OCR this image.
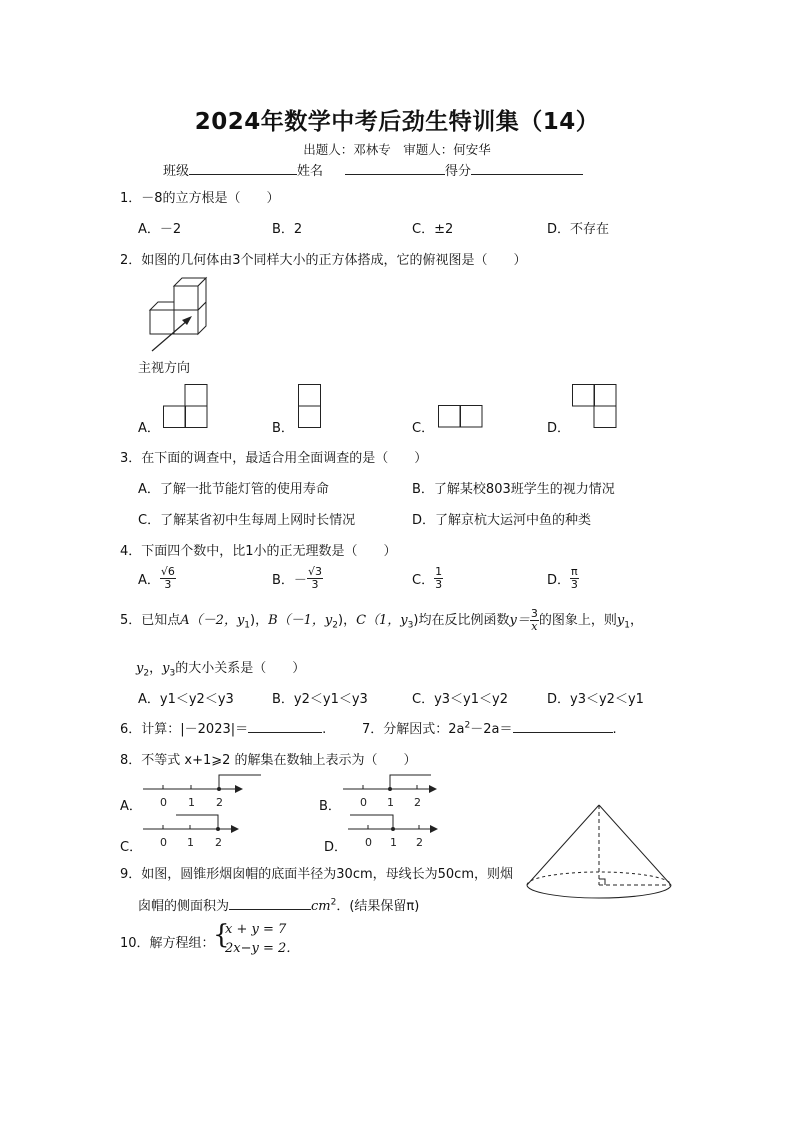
2024年数学中考后劲生特训集（14）
出题人：邓林专　审题人：何安华
班级	姓名	得分
1．－8的立方根是（　　）
A．－2	B．2	C．±2	D．不存在
2．如图的几何体由3个同样大小的正方体搭成，它的俯视图是（　　）
主视方向
A．	B．	C．	D．
3．在下面的调查中，最适合用全面调查的是（　　）
A．了解一批节能灯管的使用寿命	B．了解某校803班学生的视力情况
C．了解某省初中生每周上网时长情况	D．了解京杭大运河中鱼的种类
4．下面四个数中，比1小的正无理数是（　　）
A． $\frac{√6}{3}$	B．－ $\frac{√3}{3}$	C． $\frac{1}{3}$	D． $\frac{\pi}{3}$
5．已知点A（－2，$y_1$)，B（－1，$y_2$)，C（1，$y_3$)均在反比例函数$y= \frac{3}{x}$ 的图象上，则$y_1$，
$y_2$，$y_3$的大小关系是（　　）
A．y1＜y2＜y3	B．y2＜y1＜y3	C．y3＜y1＜y2	D．y3＜y2＜y1
6．计算：|－2023|＝	.	7．分解因式：$2a^2-2a=$	.
8．不等式 x+1⩾2 的解集在数轴上表示为（　　）
A． 0 1 2	B． 0 1 2
C． 0 1 2	D． 0 1 2
9．如图，圆锥形烟囱帽的底面半径为30cm，母线长为50cm，则烟
囱帽的侧面积为	$cm^2$．(结果保留π)
10．解方程组：
{
x + y = 7
2x−y = 2．
